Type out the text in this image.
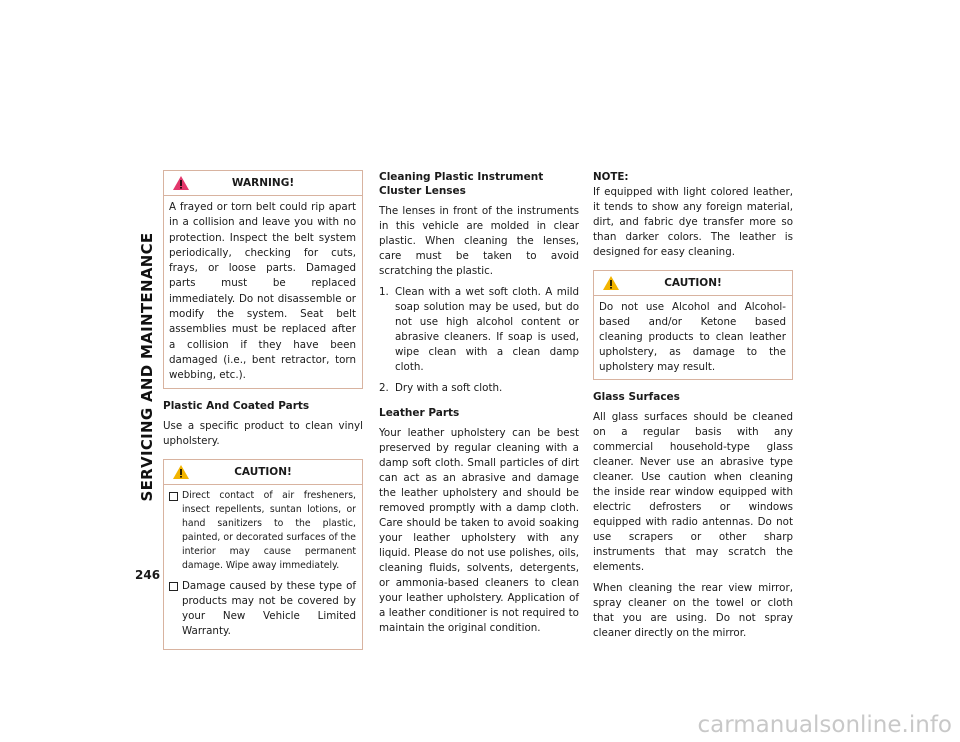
SERVICING AND MAINTENANCE
246
WARNING!

A frayed or torn belt could rip apart in a collision and leave you with no protection. Inspect the belt system periodically, checking for cuts, frays, or loose parts. Damaged parts must be replaced immediately. Do not disassemble or modify the system. Seat belt assemblies must be replaced after a collision if they have been damaged (i.e., bent retractor, torn webbing, etc.).

Plastic And Coated Parts

Use a specific product to clean vinyl upholstery.

CAUTION!
Direct contact of air fresheners, insect repellents, suntan lotions, or hand sanitizers to the plastic, painted, or decorated surfaces of the interior may cause permanent damage. Wipe away immediately.
Damage caused by these type of products may not be covered by your New Vehicle Limited Warranty.
Cleaning Plastic Instrument Cluster Lenses

The lenses in front of the instruments in this vehicle are molded in clear plastic. When cleaning the lenses, care must be taken to avoid scratching the plastic.

1. Clean with a wet soft cloth. A mild soap solution may be used, but do not use high alcohol content or abrasive cleaners. If soap is used, wipe clean with a clean damp cloth.
2. Dry with a soft cloth.
Leather Parts

Your leather upholstery can be best preserved by regular cleaning with a damp soft cloth. Small particles of dirt can act as an abrasive and damage the leather upholstery and should be removed promptly with a damp cloth. Care should be taken to avoid soaking your leather upholstery with any liquid. Please do not use polishes, oils, cleaning fluids, solvents, detergents, or ammonia-based cleaners to clean your leather upholstery. Application of a leather conditioner is not required to maintain the original condition.

NOTE:

If equipped with light colored leather, it tends to show any foreign material, dirt, and fabric dye transfer more so than darker colors. The leather is designed for easy cleaning.

CAUTION!

Do not use Alcohol and Alcohol-based and/or Ketone based cleaning products to clean leather upholstery, as damage to the upholstery may result.

Glass Surfaces

All glass surfaces should be cleaned on a regular basis with any commercial household-type glass cleaner. Never use an abrasive type cleaner. Use caution when cleaning the inside rear window equipped with electric defrosters or windows equipped with radio antennas. Do not use scrapers or other sharp instruments that may scratch the elements.

When cleaning the rear view mirror, spray cleaner on the towel or cloth that you are using. Do not spray cleaner directly on the mirror.

carmanualsonline.info
